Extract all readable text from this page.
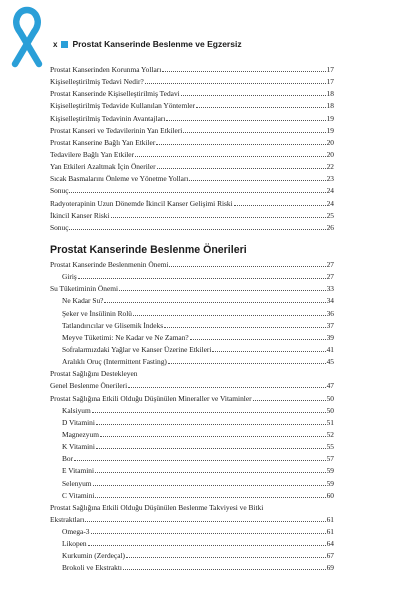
x Prostat Kanserinde Beslenme ve Egzersiz
Prostat Kanserinden Korunma Yolları	17
Kişiselleştirilmiş Tedavi Nedir?	17
Prostat Kanserinde Kişiselleştirilmiş Tedavi	18
Kişiselleştirilmiş Tedavide Kullanılan Yöntemler	18
Kişiselleştirilmiş Tedavinin Avantajları	19
Prostat Kanseri ve Tedavilerinin Yan Etkileri	19
Prostat Kanserine Bağlı Yan Etkiler	20
Tedavilere Bağlı Yan Etkiler	20
Yan Etkileri Azaltmak İçin Öneriler	22
Sıcak Basmalarını Önleme ve Yönetme Yolları	23
Sonuç	24
Radyoterapinin Uzun Dönemde İkincil Kanser Gelişimi Riski	24
İkincil Kanser Riski	25
Sonuç	26
Prostat Kanserinde Beslenme Önerileri
Prostat Kanserinde Beslenmenin Önemi	27
Giriş	27
Su Tüketiminin Önemi	33
Ne Kadar Su?	34
Şeker ve İnsülinin Rolü	36
Tatlandırıcılar ve Glisemik İndeks	37
Meyve Tüketimi: Ne Kadar ve Ne Zaman?	39
Sofralarmızdaki Yağlar ve Kanser Üzerine Etkileri	41
Aralıklı Oruç (Intermittent Fasting)	45
Prostat Sağlığını Destekleyen
Genel Beslenme Önerileri	47
Prostat Sağlığına Etkili Olduğu Düşünülen Mineraller ve Vitaminler	50
Kalsiyum	50
D Vitamini	51
Magnezyum	52
K Vitamini	55
Bor	57
E Vitamini	59
Selenyum	59
C Vitamini	60
Prostat Sağlığına Etkili Olduğu Düşünülen Beslenme Takviyesi ve Bitki
Ekstraktları	61
Omega-3	61
Likopen	64
Kurkumin (Zerdeçal)	67
Brokoli ve Ekstraktı	69
